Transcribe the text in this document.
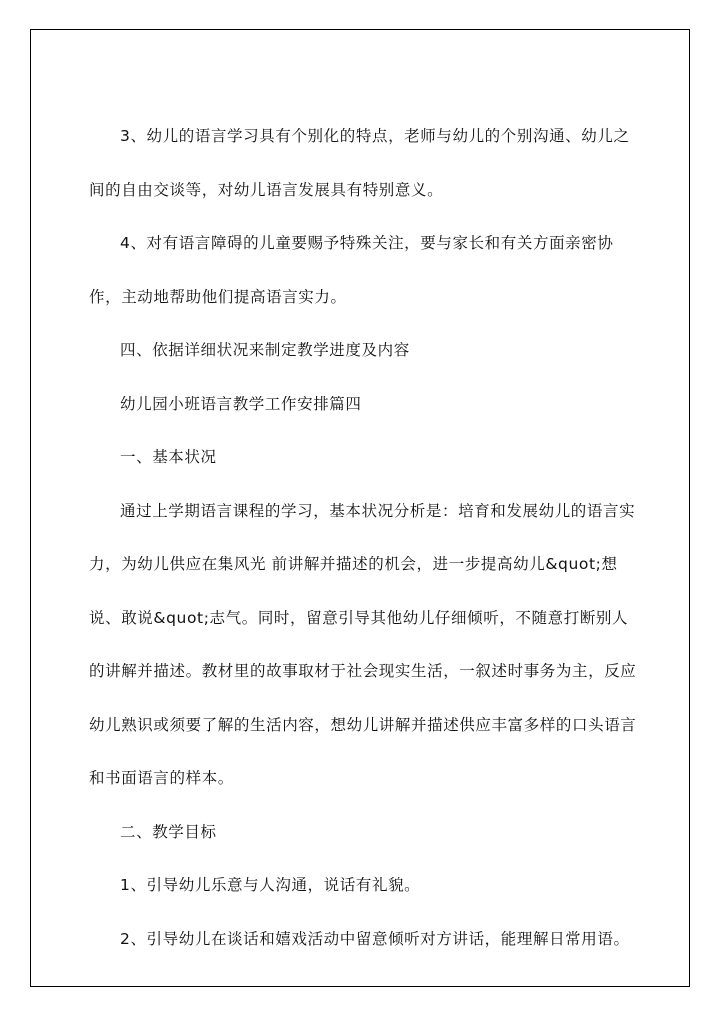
3、幼儿的语言学习具有个别化的特点，老师与幼儿的个别沟通、幼儿之间的自由交谈等，对幼儿语言发展具有特别意义。

4、对有语言障碍的儿童要赐予特殊关注，要与家长和有关方面亲密协作，主动地帮助他们提高语言实力。

四、依据详细状况来制定教学进度及内容

幼儿园小班语言教学工作安排篇四

一、基本状况

通过上学期语言课程的学习，基本状况分析是：培育和发展幼儿的语言实力，为幼儿供应在集风光 前讲解并描述的机会，进一步提高幼儿&quot;想说、敢说&quot;志气。同时，留意引导其他幼儿仔细倾听，不随意打断别人的讲解并描述。教材里的故事取材于社会现实生活，一叙述时事务为主，反应幼儿熟识或须要了解的生活内容，想幼儿讲解并描述供应丰富多样的口头语言和书面语言的样本。

二、教学目标

1、引导幼儿乐意与人沟通，说话有礼貌。

2、引导幼儿在谈话和嬉戏活动中留意倾听对方讲话，能理解日常用语。
